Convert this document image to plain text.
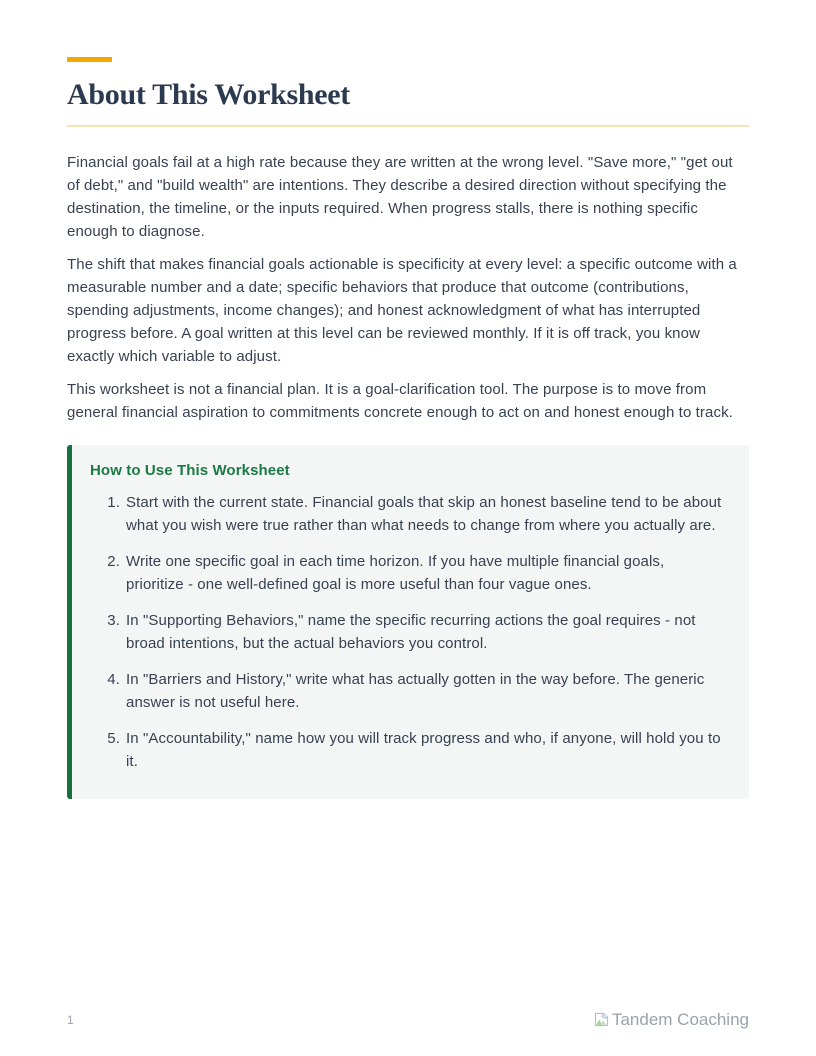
About This Worksheet

Financial goals fail at a high rate because they are written at the wrong level. "Save more," "get out of debt," and "build wealth" are intentions. They describe a desired direction without specifying the destination, the timeline, or the inputs required. When progress stalls, there is nothing specific enough to diagnose.

The shift that makes financial goals actionable is specificity at every level: a specific outcome with a measurable number and a date; specific behaviors that produce that outcome (contributions, spending adjustments, income changes); and honest acknowledgment of what has interrupted progress before. A goal written at this level can be reviewed monthly. If it is off track, you know exactly which variable to adjust.

This worksheet is not a financial plan. It is a goal-clarification tool. The purpose is to move from general financial aspiration to commitments concrete enough to act on and honest enough to track.

How to Use This Worksheet
Start with the current state. Financial goals that skip an honest baseline tend to be about what you wish were true rather than what needs to change from where you actually are.
Write one specific goal in each time horizon. If you have multiple financial goals, prioritize - one well-defined goal is more useful than four vague ones.
In "Supporting Behaviors," name the specific recurring actions the goal requires - not broad intentions, but the actual behaviors you control.
In "Barriers and History," write what has actually gotten in the way before. The generic answer is not useful here.
In "Accountability," name how you will track progress and who, if anyone, will hold you to it.
1	Tandem Coaching
